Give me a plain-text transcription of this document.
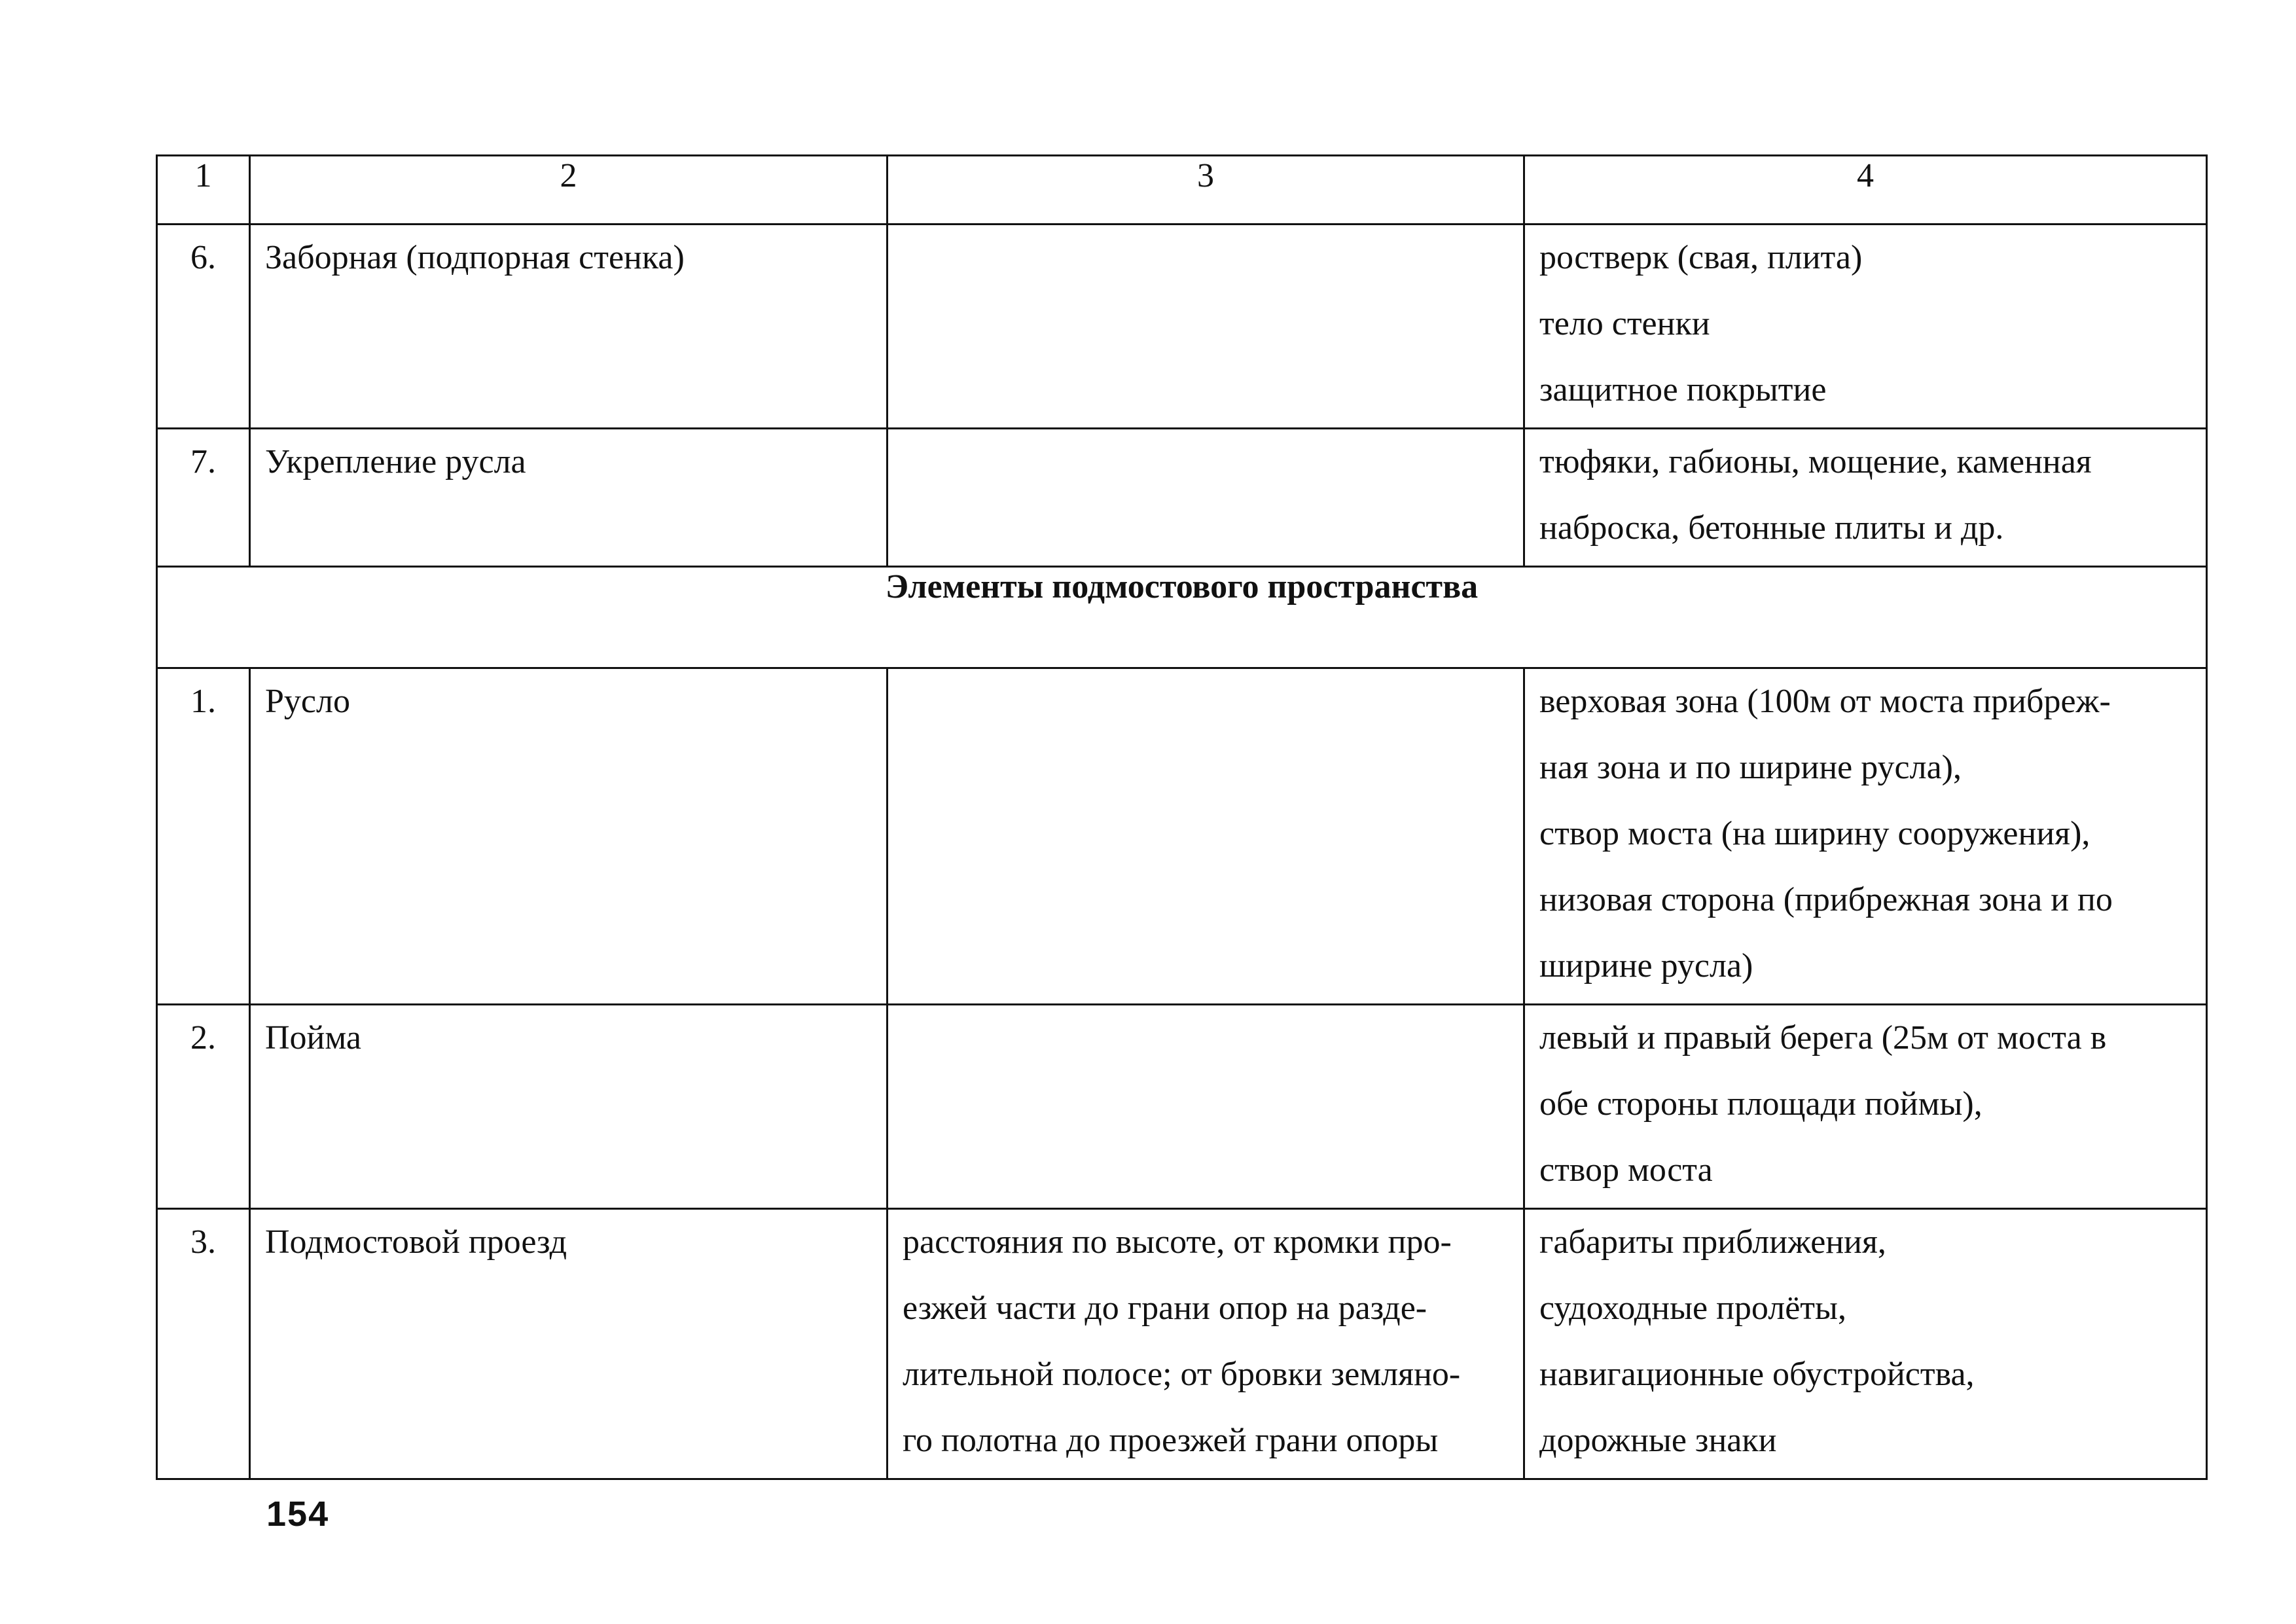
1	2	3	4

6.	Заборная (подпорная стенка)		ростверк (свая, плита)
тело стенки
защитное покрытие

7.	Укрепление русла		тюфяки, габионы, мощение, каменная
наброска, бетонные плиты и др.

Элементы подмостового пространства			

1.	Русло		верховая зона (100м от моста прибреж-
ная зона и по ширине русла),
створ моста (на ширину сооружения),
низовая сторона (прибрежная зона и по
ширине русла)

2.	Пойма		левый и правый берега (25м от моста в
обе стороны площади поймы),
створ моста

3.	Подмостовой проезд	расстояния по высоте, от кромки про-
езжей части до грани опор на разде-
лительной полосе; от бровки земляно-
го полотна до проезжей грани опоры	габариты приближения,
судоходные пролёты,
навигационные обустройства,
дорожные знаки
154
